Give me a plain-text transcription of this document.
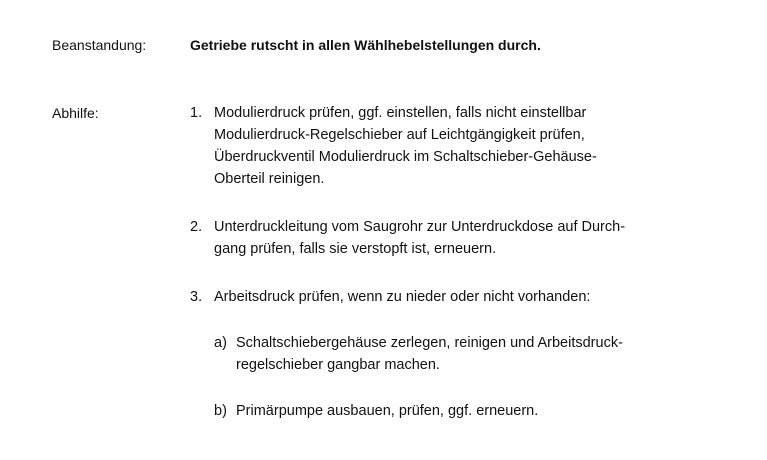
Beanstandung:	Getriebe rutscht in allen Wählhebelstellungen durch.
Abhilfe:	1. Modulierdruck prüfen, ggf. einstellen, falls nicht einstellbar
Modulierdruck-Regelschieber auf Leichtgängigkeit prüfen,
Überdruckventil Modulierdruck im Schaltschieber-Gehäuse-
Oberteil reinigen.
2. Unterdruckleitung vom Saugrohr zur Unterdruckdose auf Durch-
gang prüfen, falls sie verstopft ist, erneuern.
3. Arbeitsdruck prüfen, wenn zu nieder oder nicht vorhanden:
a) Schaltschiebergehäuse zerlegen, reinigen und Arbeitsdruck-
regelschieber gangbar machen.
b) Primärpumpe ausbauen, prüfen, ggf. erneuern.
